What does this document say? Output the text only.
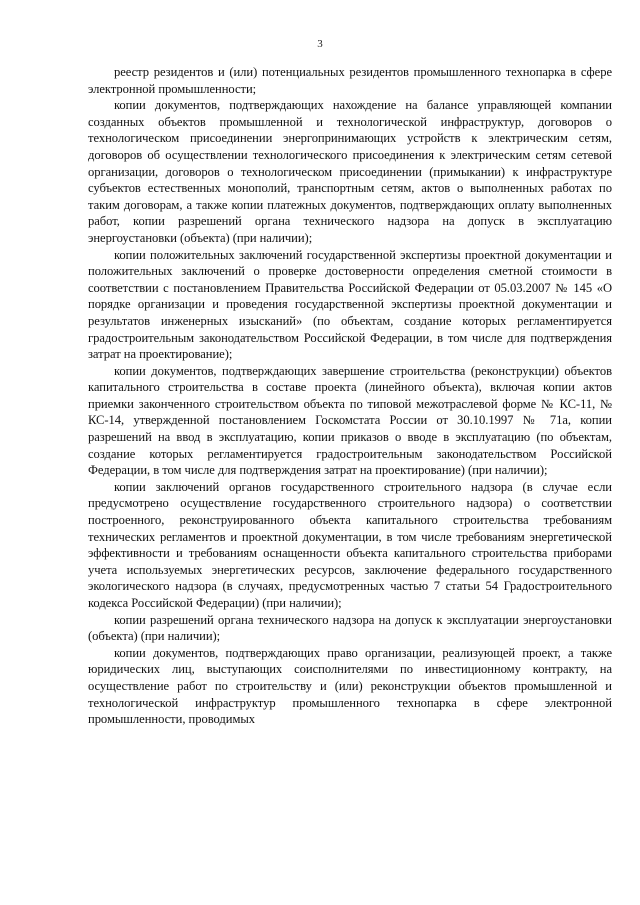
3

реестр резидентов и (или) потенциальных резидентов промышленного технопарка в сфере электронной промышленности;

копии документов, подтверждающих нахождение на балансе управляющей компании созданных объектов промышленной и технологической инфраструктур, договоров о технологическом присоединении энергопринимающих устройств к электрическим сетям, договоров об осуществлении технологического присоединения к электрическим сетям сетевой организации, договоров о технологическом присоединении (примыкании) к инфраструктуре субъектов естественных монополий, транспортным сетям, актов о выполненных работах по таким договорам, а также копии платежных документов, подтверждающих оплату выполненных работ, копии разрешений органа технического надзора на допуск в эксплуатацию энергоустановки (объекта) (при наличии);

копии положительных заключений государственной экспертизы проектной документации и положительных заключений о проверке достоверности определения сметной стоимости в соответствии с постановлением Правительства Российской Федерации от 05.03.2007 № 145 «О порядке организации и проведения государственной экспертизы проектной документации и результатов инженерных изысканий» (по объектам, создание которых регламентируется градостроительным законодательством Российской Федерации, в том числе для подтверждения затрат на проектирование);

копии документов, подтверждающих завершение строительства (реконструкции) объектов капитального строительства в составе проекта (линейного объекта), включая копии актов приемки законченного строительством объекта по типовой межотраслевой форме № КС-11, № КС-14, утвержденной постановлением Госкомстата России от 30.10.1997 № 71а, копии разрешений на ввод в эксплуатацию, копии приказов о вводе в эксплуатацию (по объектам, создание которых регламентируется градостроительным законодательством Российской Федерации, в том числе для подтверждения затрат на проектирование) (при наличии);

копии заключений органов государственного строительного надзора (в случае если предусмотрено осуществление государственного строительного надзора) о соответствии построенного, реконструированного объекта капитального строительства требованиям технических регламентов и проектной документации, в том числе требованиям энергетической эффективности и требованиям оснащенности объекта капитального строительства приборами учета используемых энергетических ресурсов, заключение федерального государственного экологического надзора (в случаях, предусмотренных частью 7 статьи 54 Градостроительного кодекса Российской Федерации) (при наличии);

копии разрешений органа технического надзора на допуск к эксплуатации энергоустановки (объекта) (при наличии);

копии документов, подтверждающих право организации, реализующей проект, а также юридических лиц, выступающих соисполнителями по инвестиционному контракту, на осуществление работ по строительству и (или) реконструкции объектов промышленной и технологической инфраструктур промышленного технопарка в сфере электронной промышленности, проводимых
